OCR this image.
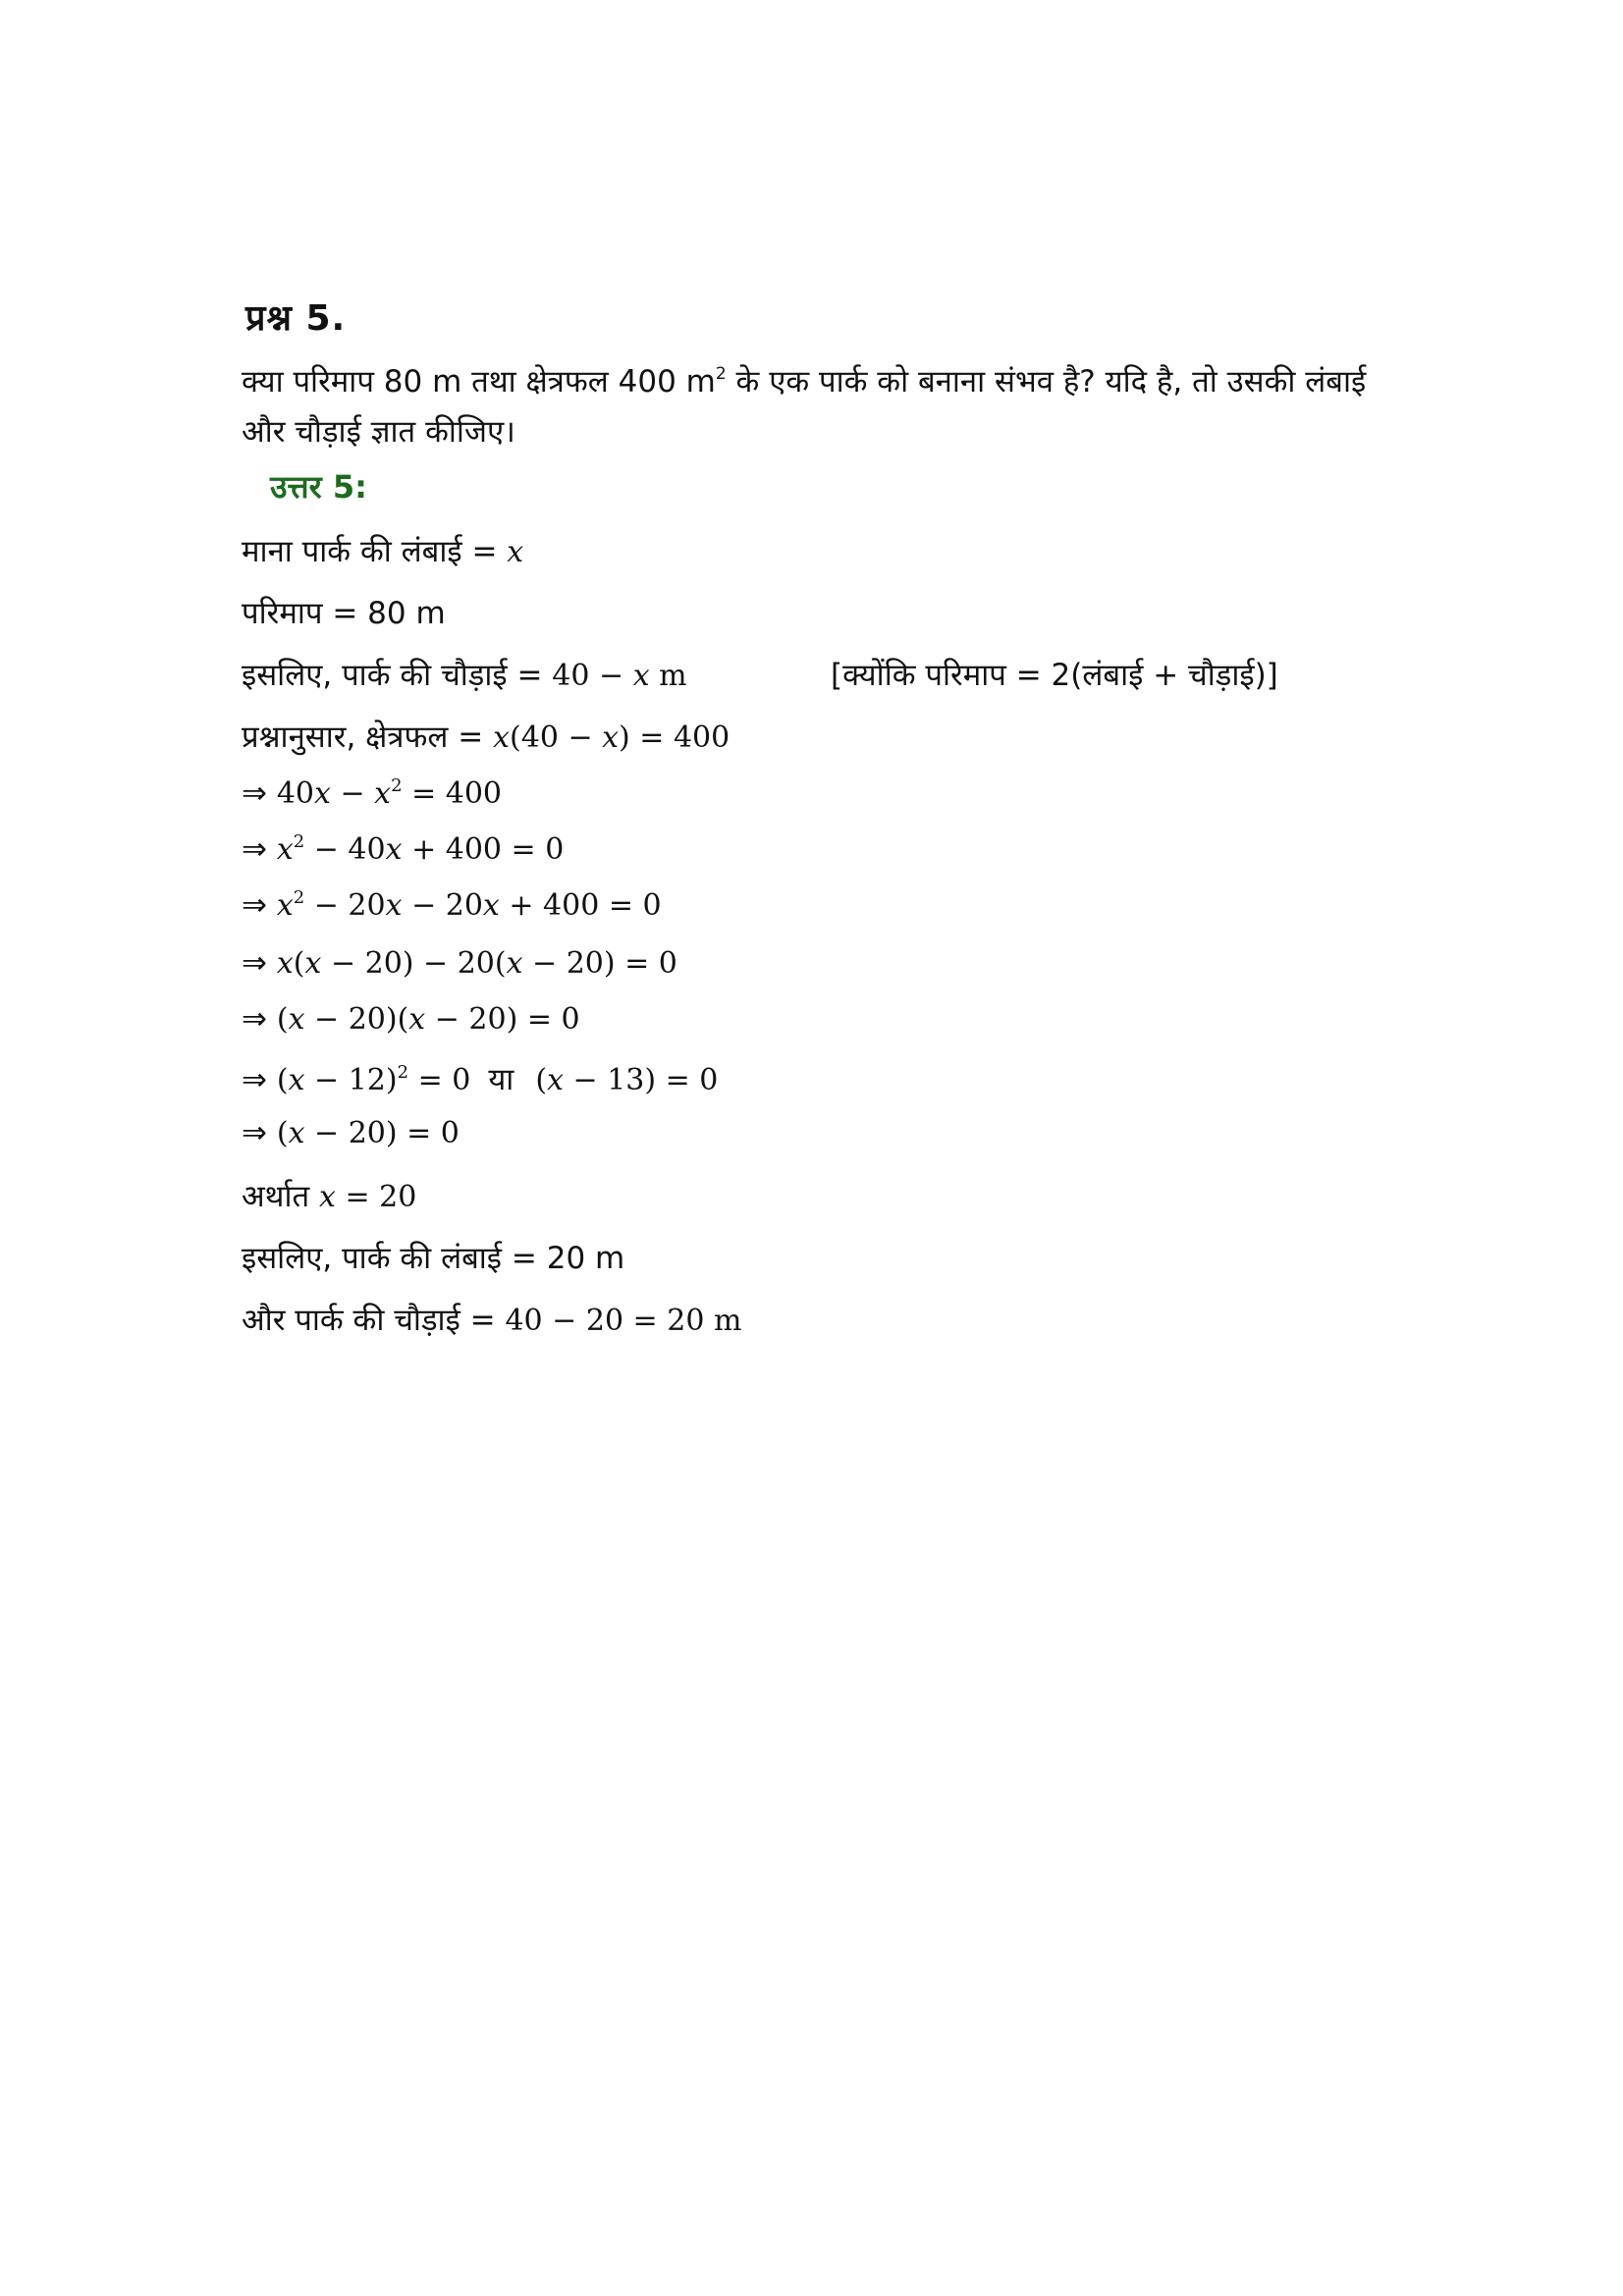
प्रश्न 5.
क्या परिमाप 80 m तथा क्षेत्रफल 400 $m^2$ के एक पार्क को बनाना संभव है? यदि है, तो उसकी लंबाई
और चौड़ाई ज्ञात कीजिए।
उत्तर 5:
माना पार्क की लंबाई = x
परिमाप = 80 m
इसलिए, पार्क की चौड़ाई = 40 − x m	[क्योंकि परिमाप = 2(लंबाई + चौड़ाई)]
प्रश्नानुसार, क्षेत्रफल = x(40 − x) = 400
⇒ $40x - x^2 = 400$
⇒ $x^2 - 40x + 400 = 0$
⇒ $x^2 - 20x - 20x + 400 = 0$
⇒ x(x − 20) − 20(x − 20) = 0
⇒ (x − 20)(x − 20) = 0
⇒ $(x - 12)^2 = 0$ या (x − 13) = 0
⇒ (x − 20) = 0
अर्थात x = 20
इसलिए, पार्क की लंबाई = 20 m
और पार्क की चौड़ाई = 40 − 20 = 20 m
